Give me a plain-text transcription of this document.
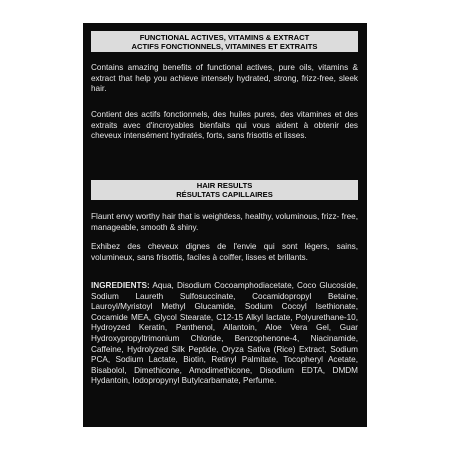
FUNCTIONAL ACTIVES, VITAMINS & EXTRACT
ACTIFS FONCTIONNELS, VITAMINES ET EXTRAITS

Contains amazing benefits of functional actives, pure oils, vitamins & extract that help you achieve intensely hydrated, strong, frizz-free, sleek hair.

Contient des actifs fonctionnels, des huiles pures, des vitamines et des extraits avec d'incroyables bienfaits qui vous aident à obtenir des cheveux intensément hydratés, forts, sans frisottis et lisses.

HAIR RESULTS
RÉSULTATS CAPILLAIRES

Flaunt envy worthy hair that is weightless, healthy, voluminous, frizz- free, manageable, smooth & shiny.

Exhibez des cheveux dignes de l'envie qui sont légers, sains, volumineux, sans frisottis, faciles à coiffer, lisses et brillants.

INGREDIENTS: Aqua, Disodium Cocoamphodiacetate, Coco Glucoside, Sodium Laureth Sulfosuccinate, Cocamidopropyl Betaine, Lauroyl/Myristoyl Methyl Glucamide, Sodium Cocoyl Isethionate, Cocamide MEA, Glycol Stearate, C12-15 Alkyl lactate, Polyurethane-10, Hydroyzed Keratin, Panthenol, Allantoin, Aloe Vera Gel, Guar Hydroxypropyltrimonium Chloride, Benzophenone-4, Niacinamide, Caffeine, Hydrolyzed Silk Peptide, Oryza Sativa (Rice) Extract, Sodium PCA, Sodium Lactate, Biotin, Retinyl Palmitate, Tocopheryl Acetate, Bisabolol, Dimethicone, Amodimethicone, Disodium EDTA, DMDM Hydantoin, Iodopropynyl Butylcarbamate, Perfume.
